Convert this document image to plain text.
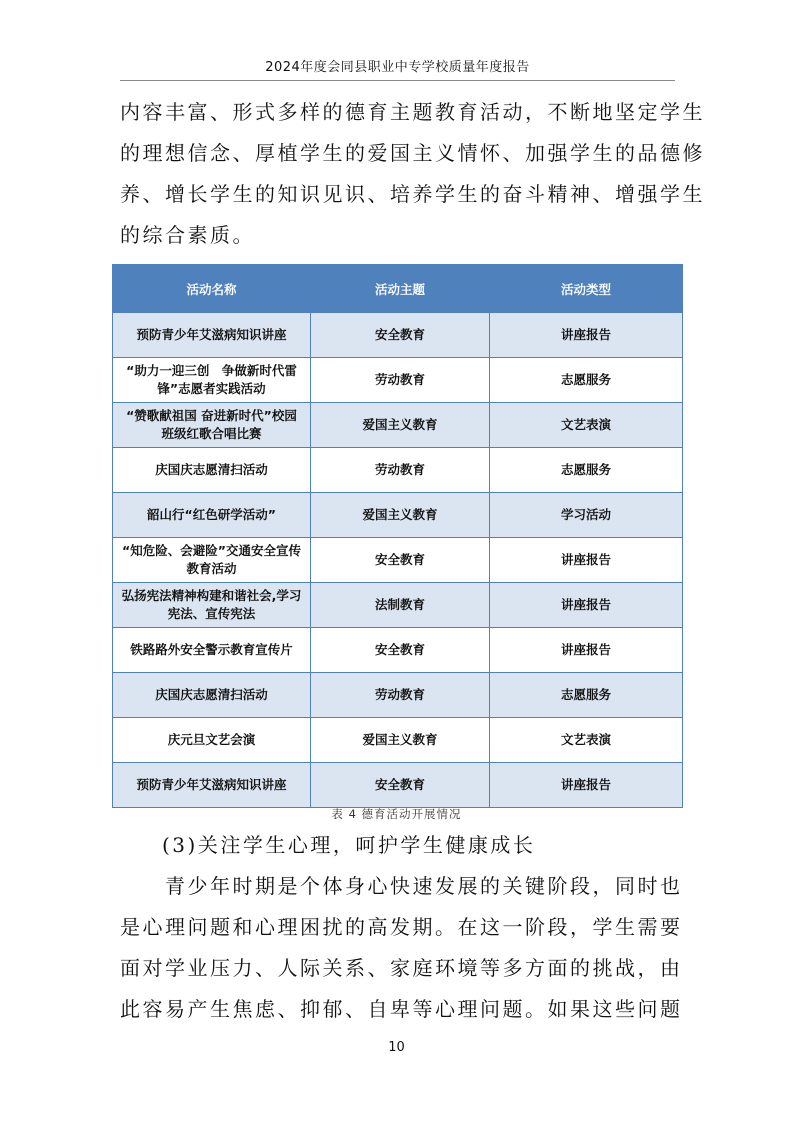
2024年度会同县职业中专学校质量年度报告

内容丰富、形式多样的德育主题教育活动，不断地坚定学生

的理想信念、厚植学生的爱国主义情怀、加强学生的品德修

养、增长学生的知识见识、培养学生的奋斗精神、增强学生

的综合素质。

活动名称	活动主题	活动类型
预防青少年艾滋病知识讲座	安全教育	讲座报告
“助力一迎三创　争做新时代雷
锋”志愿者实践活动	劳动教育	志愿服务
“赞歌献祖国 奋进新时代”校园
班级红歌合唱比赛	爱国主义教育	文艺表演
庆国庆志愿清扫活动	劳动教育	志愿服务
韶山行“红色研学活动”	爱国主义教育	学习活动
“知危险、会避险”交通安全宣传
教育活动	安全教育	讲座报告
弘扬宪法精神构建和谐社会,学习
宪法、宣传宪法	法制教育	讲座报告
铁路路外安全警示教育宣传片	安全教育	讲座报告
庆国庆志愿清扫活动	劳动教育	志愿服务
庆元旦文艺会演	爱国主义教育	文艺表演
预防青少年艾滋病知识讲座	安全教育	讲座报告
表 4 德育活动开展情况

(3)关注学生心理，呵护学生健康成长

　　青少年时期是个体身心快速发展的关键阶段，同时也

是心理问题和心理困扰的高发期。在这一阶段，学生需要

面对学业压力、人际关系、家庭环境等多方面的挑战，由

此容易产生焦虑、抑郁、自卑等心理问题。如果这些问题

10
